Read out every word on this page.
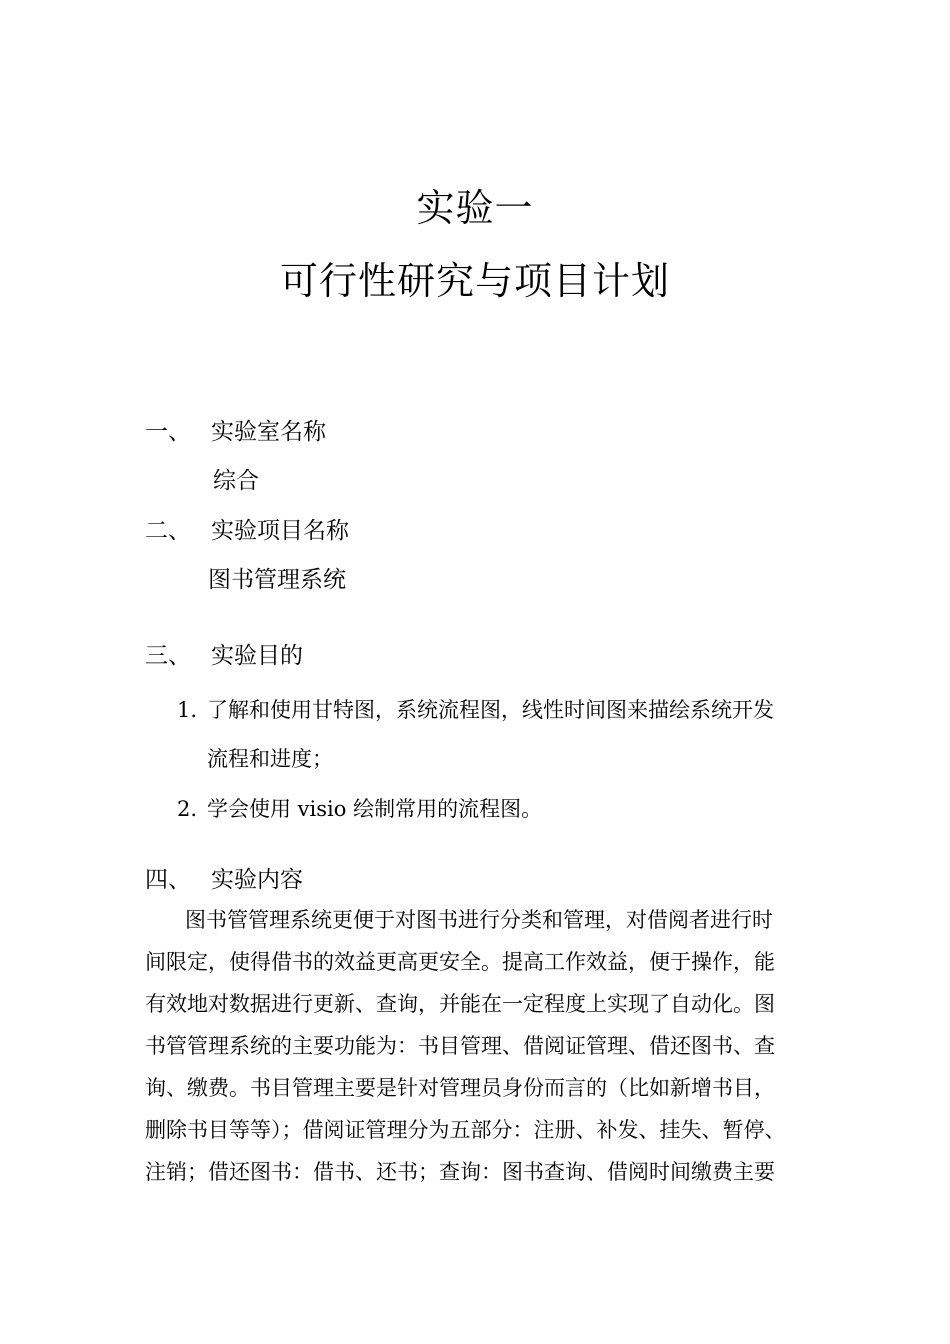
实验一
可行性研究与项目计划
一、 实验室名称
综合
二、 实验项目名称
图书管理系统
三、 实验目的
1. 了解和使用甘特图，系统流程图，线性时间图来描绘系统开发
流程和进度；
2. 学会使用 visio 绘制常用的流程图。
四、 实验内容
图书管管理系统更便于对图书进行分类和管理，对借阅者进行时
间限定，使得借书的效益更高更安全。提高工作效益，便于操作，能
有效地对数据进行更新、查询，并能在一定程度上实现了自动化。图
书管管理系统的主要功能为：书目管理、借阅证管理、借还图书、查
询、缴费。书目管理主要是针对管理员身份而言的（比如新增书目，
删除书目等等）；借阅证管理分为五部分：注册、补发、挂失、暂停、
注销；借还图书：借书、还书；查询：图书查询、借阅时间缴费主要
